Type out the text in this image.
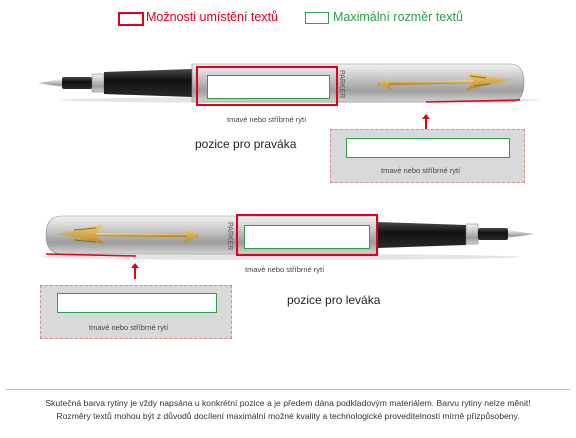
Možnosti umístění textů	Maximální rozměr textů
PARKER
tmavé nebo stříbrné rytí
tmavé nebo stříbrné rytí
pozice pro praváka
PARKER
tmavé nebo stříbrné rytí
tmavé nebo stříbrné rytí
pozice pro leváka
Skutečná barva rytiny je vždy napsána u konkrétní pozice a je předem dána podkladovým materiálem. Barvu rytiny nelze měnit!
Rozměry textů mohou být z důvodů docílení maximální možné kvality a technologické proveditelnosti mírně přizpůsobeny.
